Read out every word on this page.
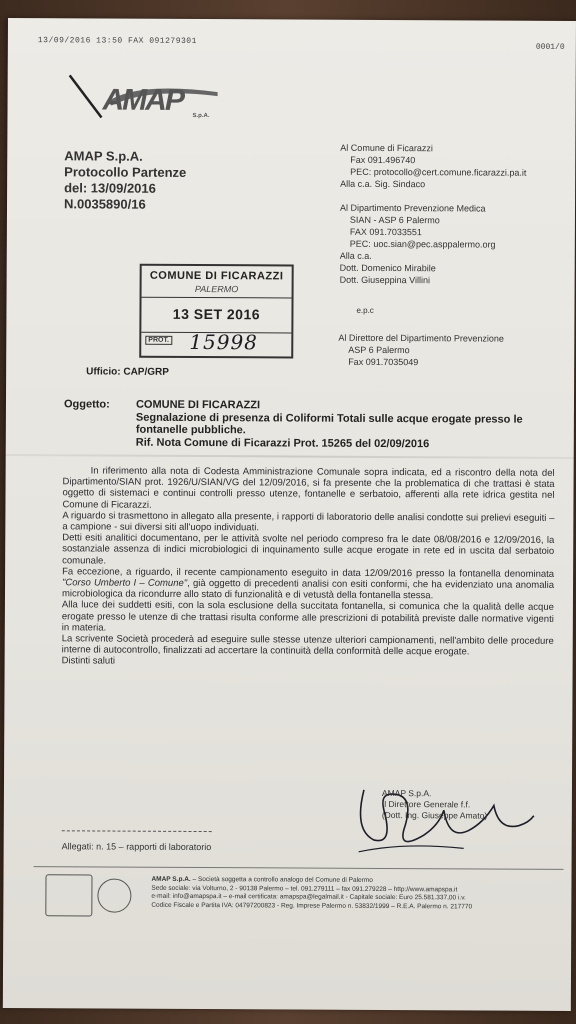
13/09/2016 13:50 FAX 091279301
0001/0
AMAP S.p.A.
AMAP S.p.A.
Protocollo Partenze
del: 13/09/2016
N.0035890/16
Al Comune di Ficarazzi
Fax 091.496740
PEC: protocollo@cert.comune.ficarazzi.pa.it
Alla c.a. Sig. Sindaco
Al Dipartimento Prevenzione Medica
SIAN - ASP 6 Palermo
FAX 091.7033551
PEC: uoc.sian@pec.asppalermo.org
Alla c.a.
Dott. Domenico Mirabile
Dott. Giuseppina Villini
COMUNE DI FICARAZZI
PALERMO
13 SET 2016
PROT. 15998
e.p.c
Al Direttore del Dipartimento Prevenzione
ASP 6 Palermo
Fax 091.7035049
Ufficio: CAP/GRP
Oggetto: COMUNE DI FICARAZZI
Segnalazione di presenza di Coliformi Totali sulle acque erogate presso le fontanelle pubbliche.
Rif. Nota Comune di Ficarazzi Prot. 15265 del 02/09/2016

In riferimento alla nota di Codesta Amministrazione Comunale sopra indicata, ed a riscontro della nota del Dipartimento/SIAN prot. 1926/U/SIAN/VG del 12/09/2016, si fa presente che la problematica di che trattasi è stata oggetto di sistemaci e continui controlli presso utenze, fontanelle e serbatoio, afferenti alla rete idrica gestita nel Comune di Ficarazzi.

A riguardo si trasmettono in allegato alla presente, i rapporti di laboratorio delle analisi condotte sui prelievi eseguiti – a campione - sui diversi siti all'uopo individuati.

Detti esiti analitici documentano, per le attività svolte nel periodo compreso fra le date 08/08/2016 e 12/09/2016, la sostanziale assenza di indici microbiologici di inquinamento sulle acque erogate in rete ed in uscita dal serbatoio comunale.

Fa eccezione, a riguardo, il recente campionamento eseguito in data 12/09/2016 presso la fontanella denominata "Corso Umberto I – Comune", già oggetto di precedenti analisi con esiti conformi, che ha evidenziato una anomalia microbiologica da ricondurre allo stato di funzionalità e di vetustà della fontanella stessa.

Alla luce dei suddetti esiti, con la sola esclusione della succitata fontanella, si comunica che la qualità delle acque erogate presso le utenze di che trattasi risulta conforme alle prescrizioni di potabilità previste dalle normative vigenti in materia.

La scrivente Società procederà ad eseguire sulle stesse utenze ulteriori campionamenti, nell'ambito delle procedure interne di autocontrollo, finalizzati ad accertare la continuità della conformità delle acque erogate.

Distinti saluti

AMAP S.p.A.
Il Direttore Generale f.f.
(Dott. Ing. Giuseppe Amato)
Allegati: n. 15 – rapporti di laboratorio
AMAP S.p.A. – Società soggetta a controllo analogo del Comune di Palermo
Sede sociale: via Volturno, 2 - 90138 Palermo – tel. 091.279111 – fax 091.279228 – http://www.amapspa.it
e-mail: info@amapspa.it – e-mail certificata: amapspa@legalmail.it - Capitale sociale: Euro 25.581.337,00 i.v.
Codice Fiscale e Partita IVA: 04797200823 - Reg. Imprese Palermo n. 53832/1999 – R.E.A. Palermo n. 217770
